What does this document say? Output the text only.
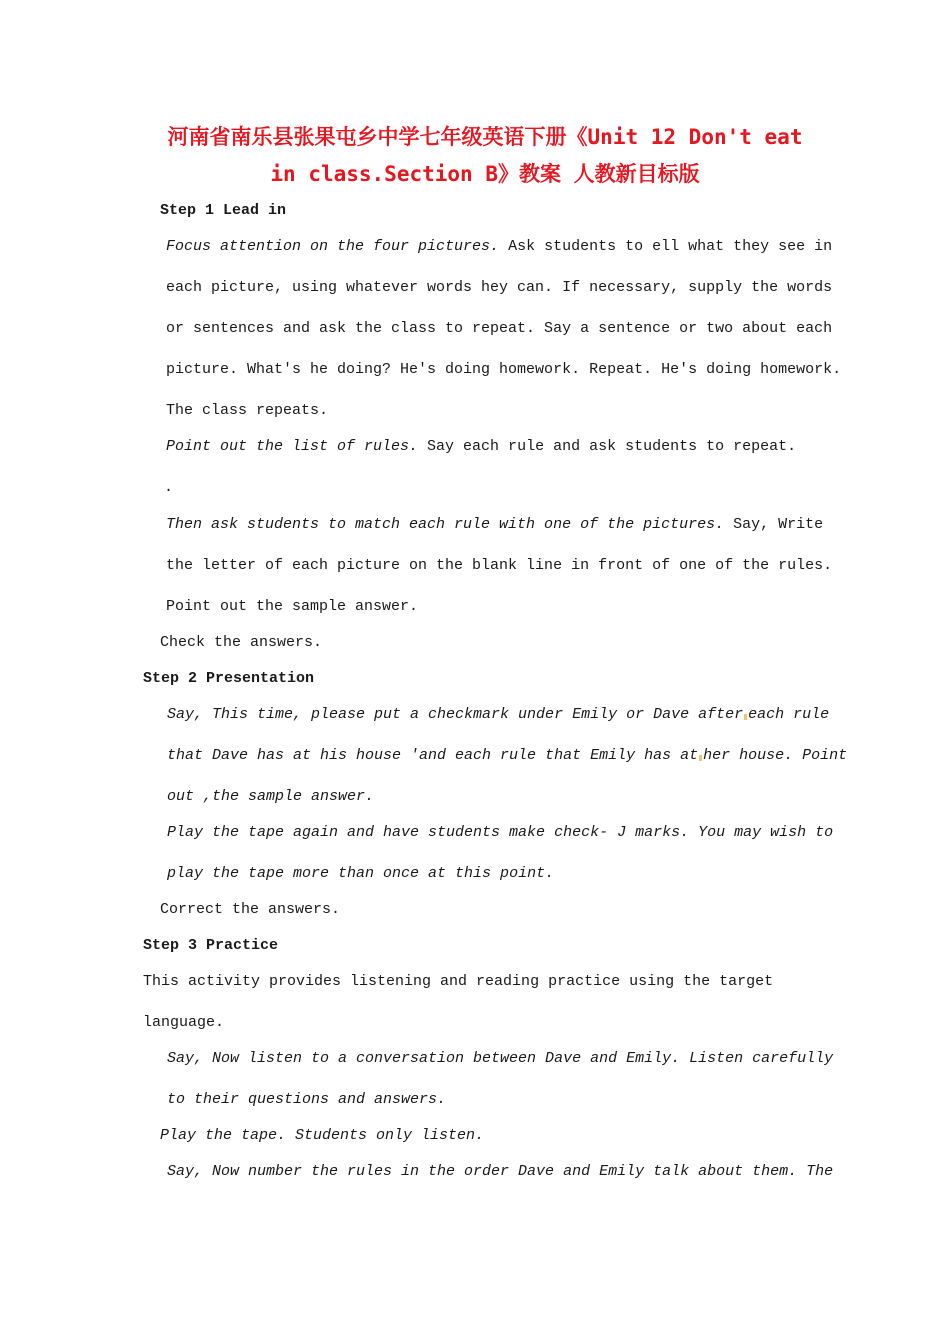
河南省南乐县张果屯乡中学七年级英语下册《Unit 12 Don't eat
in class.Section B》教案 人教新目标版
Step 1 Lead in
Focus attention on the four pictures. Ask students to ell what they see in
each picture, using whatever words hey can. If necessary, supply the words
or sentences and ask the class to repeat. Say a sentence or two about each
picture. What's he doing? He's doing homework. Repeat. He's doing homework.
The class repeats.
Point out the list of rules. Say each rule and ask students to repeat.
.
Then ask students to match each rule with one of the pictures. Say, Write
the letter of each picture on the blank line in front of one of the rules.
Point out the sample answer.
Check the answers.
Step 2 Presentation
Say, This time, please put a checkmark under Emily or Dave after each rule
that Dave has at his house 'and each rule that Emily has at her house. Point
out ,the sample answer.
Play the tape again and have students make check- J marks. You may wish to
play the tape more than once at this point.
Correct the answers.
Step 3 Practice
This activity provides listening and reading practice using the target
language.
Say, Now listen to a conversation between Dave and Emily. Listen carefully
to their questions and answers.
Play the tape. Students only listen.
Say, Now number the rules in the order Dave and Emily talk about them. The
